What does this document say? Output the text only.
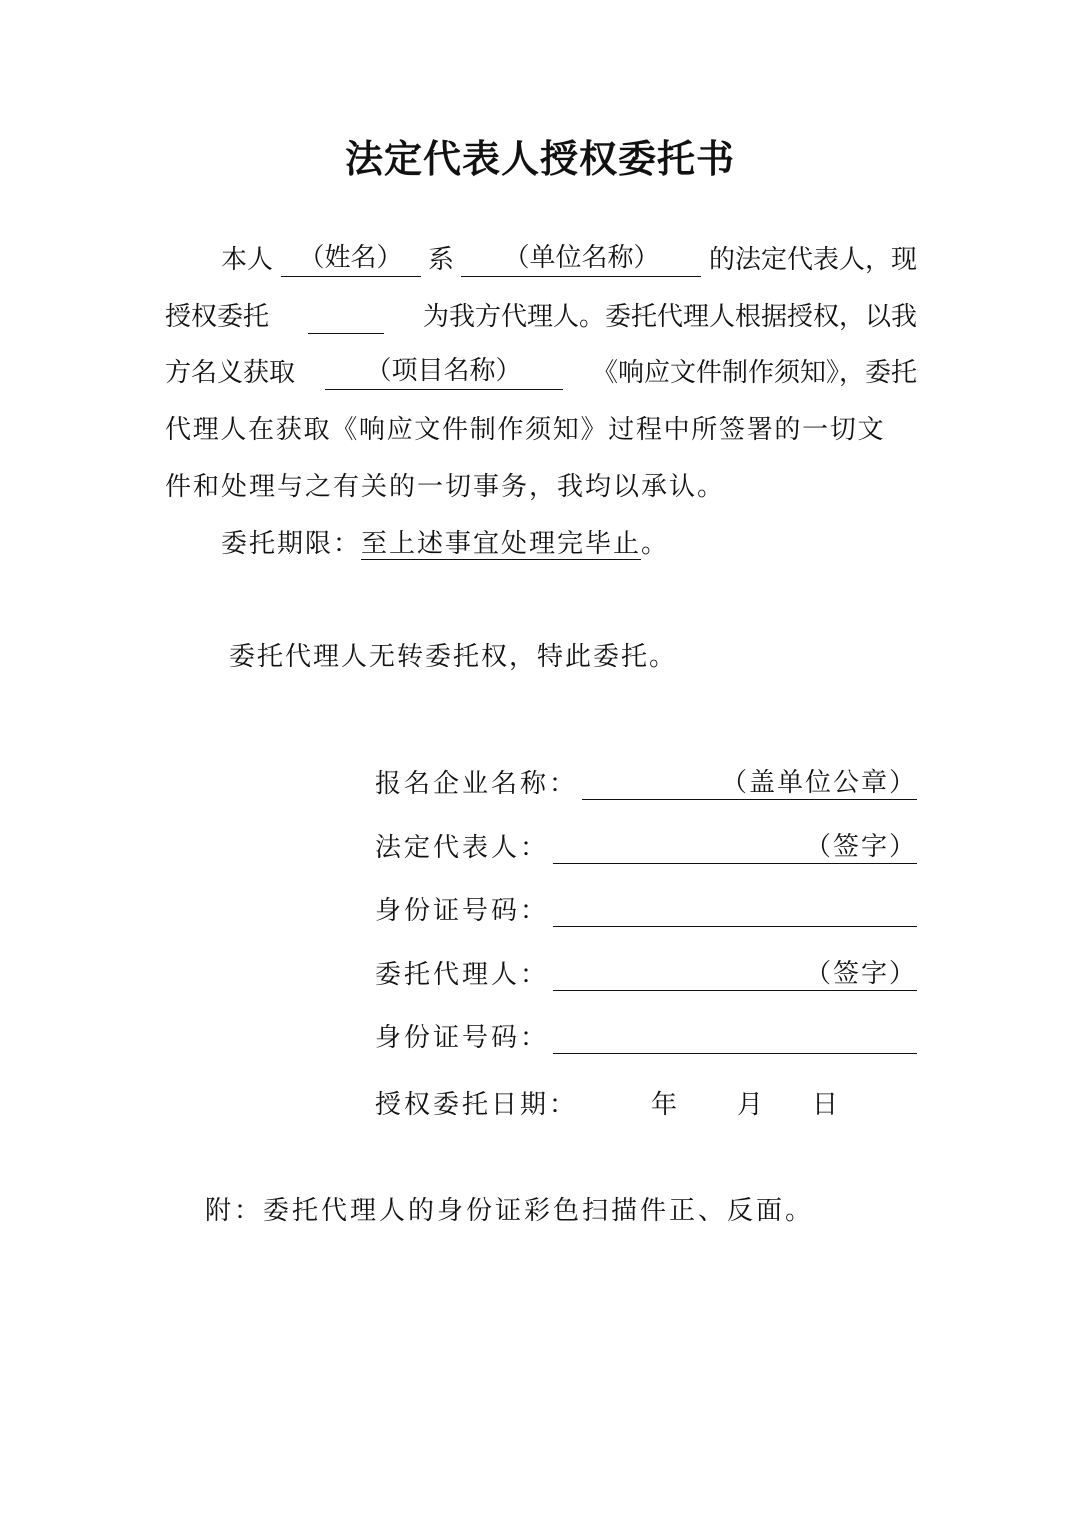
法定代表人授权委托书
本人 （姓名） 系	（单位名称）	的法定代表人，现
授权委托	为我方代理人。委托代理人根据授权，以我
方名义获取	（项目名称）	《响应文件制作须知》，委托
代理人在获取《响应文件制作须知》过程中所签署的一切文
件和处理与之有关的一切事务，我均以承认。
委托期限：至上述事宜处理完毕止。
委托代理人无转委托权，特此委托。
报名企业名称：	（盖单位公章）
法定代表人：	（签字）
身份证号码：
委托代理人：	（签字）
身份证号码：
授权委托日期：	年 月 日
附：委托代理人的身份证彩色扫描件正、反面。
